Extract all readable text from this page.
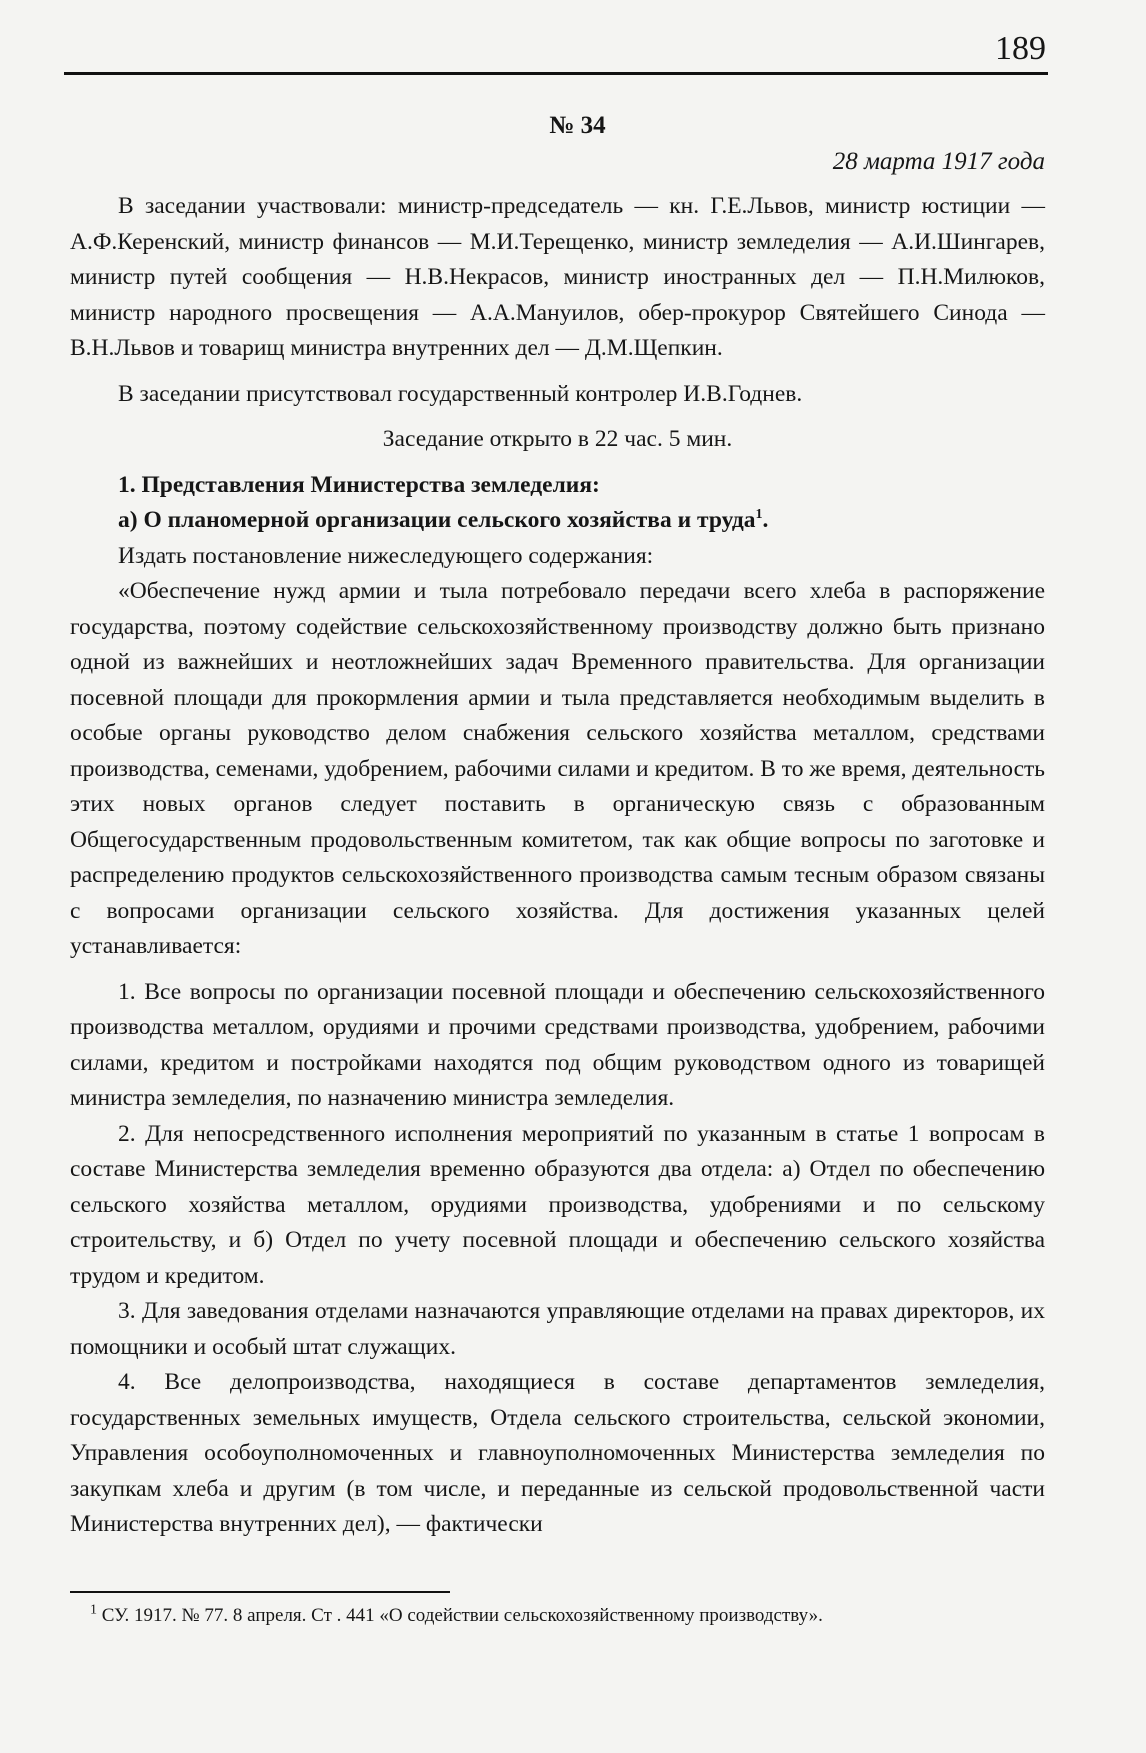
189
№ 34
28 марта 1917 года

В заседании участвовали: министр-председатель — кн. Г.Е.Львов, министр юстиции — А.Ф.Керенский, министр финансов — М.И.Терещенко, министр земледелия — А.И.Шингарев, министр путей сообщения — Н.В.Некрасов, министр иностранных дел — П.Н.Милюков, министр народного просвещения — А.А.Мануилов, обер-прокурор Святейшего Синода — В.Н.Львов и товарищ министра внутренних дел — Д.М.Щепкин.

В заседании присутствовал государственный контролер И.В.Годнев.

Заседание открыто в 22 час. 5 мин.

1. Представления Министерства земледелия:

а) О планомерной организации сельского хозяйства и труда$^1$.

Издать постановление нижеследующего содержания:

«Обеспечение нужд армии и тыла потребовало передачи всего хлеба в распоряжение государства, поэтому содействие сельскохозяйственному производству должно быть признано одной из важнейших и неотложнейших задач Временного правительства. Для организации посевной площади для прокормления армии и тыла представляется необходимым выделить в особые органы руководство делом снабжения сельского хозяйства металлом, средствами производства, семенами, удобрением, рабочими силами и кредитом. В то же время, деятельность этих новых органов следует поставить в органическую связь с образованным Общегосударственным продовольственным комитетом, так как общие вопросы по заготовке и распределению продуктов сельскохозяйственного производства самым тесным образом связаны с вопросами организации сельского хозяйства. Для достижения указанных целей устанавливается:

1. Все вопросы по организации посевной площади и обеспечению сельскохозяйственного производства металлом, орудиями и прочими средствами производства, удобрением, рабочими силами, кредитом и постройками находятся под общим руководством одного из товарищей министра земледелия, по назначению министра земледелия.

2. Для непосредственного исполнения мероприятий по указанным в статье 1 вопросам в составе Министерства земледелия временно образуются два отдела: а) Отдел по обеспечению сельского хозяйства металлом, орудиями производства, удобрениями и по сельскому строительству, и б) Отдел по учету посевной площади и обеспечению сельского хозяйства трудом и кредитом.

3. Для заведования отделами назначаются управляющие отделами на правах директоров, их помощники и особый штат служащих.

4. Все делопроизводства, находящиеся в составе департаментов земледелия, государственных земельных имуществ, Отдела сельского строительства, сельской экономии, Управления особоуполномоченных и главноуполномоченных Министерства земледелия по закупкам хлеба и другим (в том числе, и переданные из сельской продовольственной части Министерства внутренних дел), — фактически

$^1$ СУ. 1917. № 77. 8 апреля. Ст . 441 «О содействии сельскохозяйственному производству».
